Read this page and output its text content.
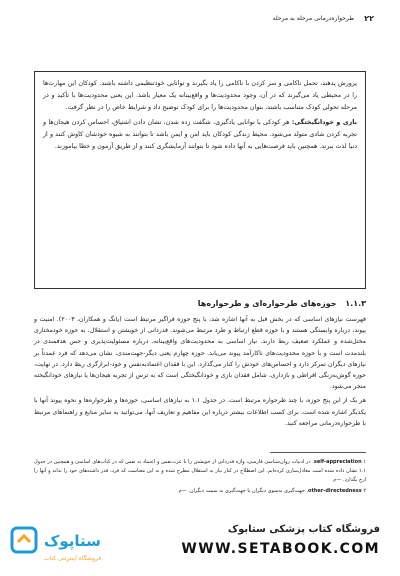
۲۲
طرحواره‌درمانی مرحله به مرحله

پرورش پدهند، تحمل ناکامی و سر کردن با ناکامی را یاد بگیرند و توانایی خودتنظیمی داشته باشند. کودکان این مهارت‌ها را در محیطی یاد می‌گیرند که در آن، وجود محدودیت‌ها و واقع‌بینانه یک معیار باشد. این یعنی محدودیت‌ها با تأکید و در مرحله تحولی کودک متناسب باشند، بتوان محدودیت‌ها را برای کودک توضیح داد و شرایط خاص را در نظر گرفت.

بازی و خودانگیختگی: هر کودکی با توانایی یادگیری، شگفت زده شدن، نشان دادن اشتیاق، احساس کردن هیجان‌ها و تجربه کردن شادی متولد می‌شود. محیط زندگی کودکان باید امن و ایمن باشد تا بتوانند به شیوه خودشان کاوش کنند و از دنیا لذت ببرند. همچنین باید فرصت‌هایی به آنها داده شود تا بتوانند آزمایشگری کنند و از طریق آزمون و خطا بیاموزند.

۱.۱.۳ حوزه‌های طرحواره‌ای و طرحواره‌ها

فهرست نیازهای اساسی که در بخش قبل به آنها اشاره شد، با پنج حوزه فراگیر مرتبط است (یانگ و همکاران، ۲۰۰۳). امنیت و پیوند، درباره وابستگی هستند و با حوزه قطع ارتباط و طرد مرتبط می‌شوند. قدردانی از خویشتن و استقلال، به حوزه خودمختاری مختل‌شده و عملکرد ضعیف ربط دارند. نیاز اساسی به محدودیت‌های واقع‌بینانه، درباره مسئولیت‌پذیری و حس هدفمندی در بلندمدت است و با حوزه محدودیت‌های ناکارآمد پیوند می‌یابد. حوزه چهارم یعنی دیگر-جهت‌مندی، نشان می‌دهد که فرد عمدتاً بر نیازهای دیگران تمرکز دارد و احساس‌های خودش را کنار می‌گذارد. این با فقدان اعتمادبه‌نفس و خود-ابرازگری ربط دارد. در نهایت، حوزه گوش‌به‌زنگی افراطی و بازداری، شامل فقدان بازی و خودانگیختگی است که به ترس از تجربه هیجان‌ها یا نیازهای خودانگیخته منجر می‌شود.

هر یک از این پنج حوزه، با چند طرحواره مرتبط است. در جدول ۱.۱ به نیازهای اساسی، حوزه‌ها و طرحواره‌ها و نحوه پیوند آنها با یکدیگر اشاره شده است. برای کسب اطلاعات بیشتر درباره این مفاهیم و تعاریف آنها، می‌توانید به سایر منابع و راهنماهای مرتبط با طرحواره‌درمانی مراجعه کنید.

self-appreciation ۱. در ادبیات روان‌شناسی فارسی، واژه قدردانی از خویشتن را با عزت‌نفس و اعتماد به نفس که در کتاب‌های اساسی و همچنین در جدول ۱.۱ نشان داده شده است معادل‌سازی کرده‌ایم. این اصطلاح در کنار نیاز به استقلال مطرح شده و به این معناست که فرد، قدر داشته‌های خود را بداند و آنها را ارج بگذارد. —م

other-directedness ۲. جهت‌گیری به‌سوی دیگران یا جهت‌گیری به سمت دیگران. —م

ستاپوک
فروشگاه اینترنتی کتاب
فروشگاه کتاب پزشکی ستابوک
WWW.SETABOOK.COM
